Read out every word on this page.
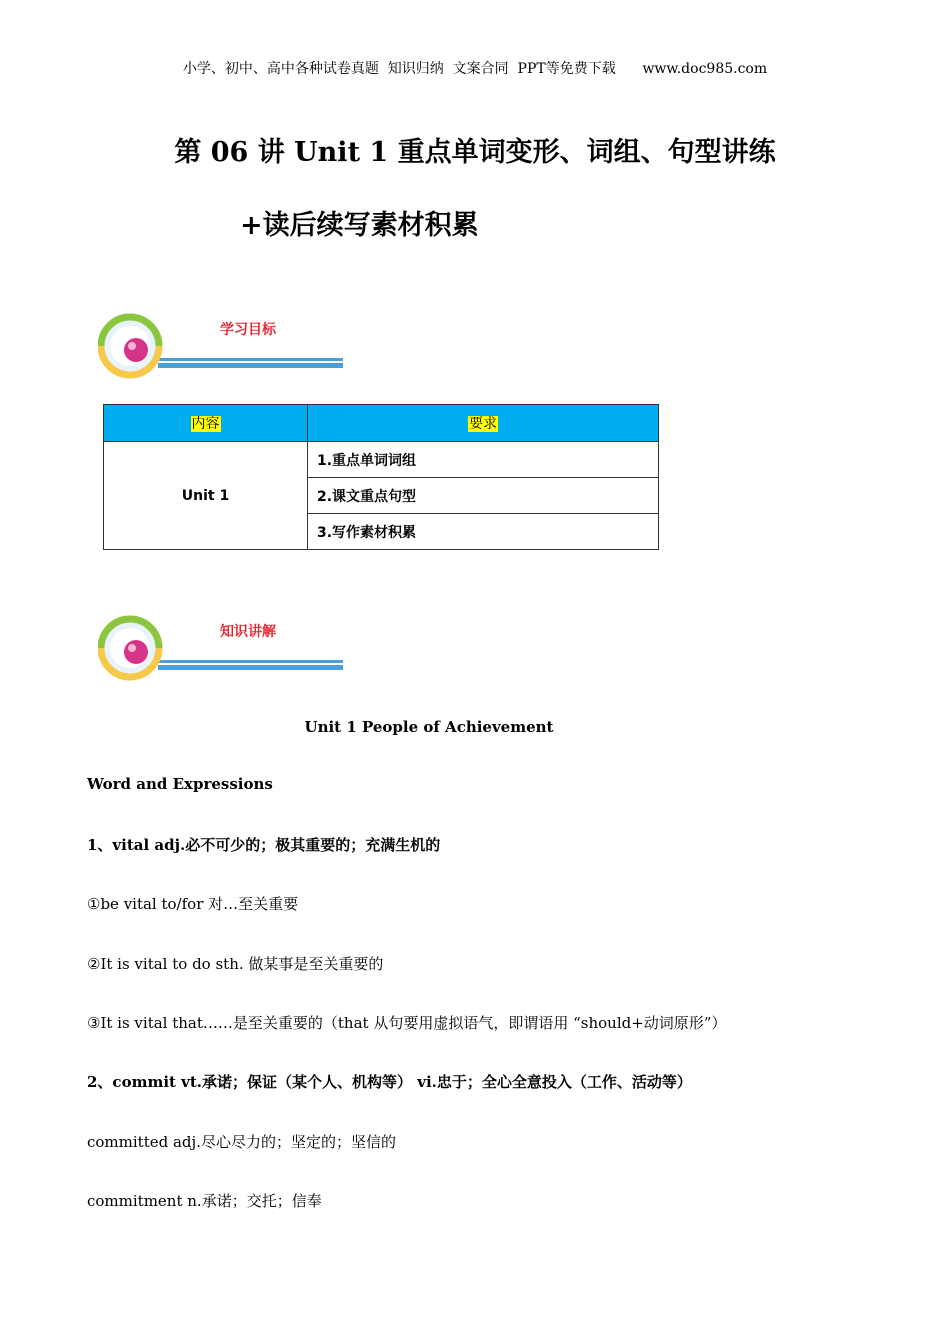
小学、初中、高中各种试卷真题  知识归纳  文案合同  PPT等免费下载      www.doc985.com
第 06 讲 Unit 1 重点单词变形、词组、句型讲练
+读后续写素材积累
学习目标
内容	要求
Unit 1	1.重点单词词组
	2.课文重点句型
	3.写作素材积累
知识讲解
Unit 1 People of Achievement
Word and Expressions
1、vital adj.必不可少的；极其重要的；充满生机的
①be vital to/for 对…至关重要
②It is vital to do sth. 做某事是至关重要的
③It is vital that……是至关重要的（that 从句要用虚拟语气，即谓语用 “should+动词原形”）
2、commit vt.承诺；保证（某个人、机构等） vi.忠于；全心全意投入（工作、活动等）
committed adj.尽心尽力的；坚定的；坚信的
commitment n.承诺；交托；信奉
